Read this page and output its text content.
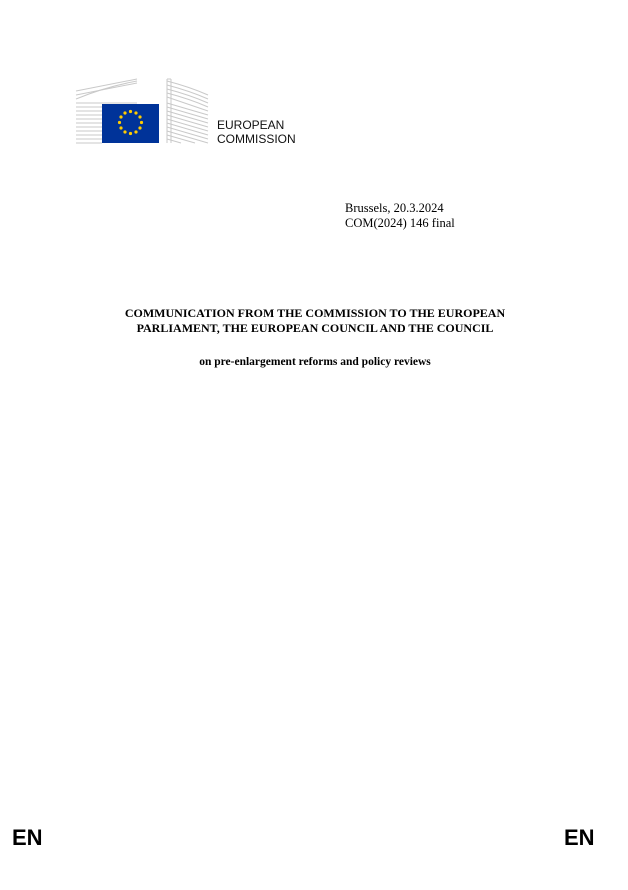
EUROPEAN
COMMISSION
Brussels, 20.3.2024
COM(2024) 146 final
COMMUNICATION FROM THE COMMISSION TO THE EUROPEAN
PARLIAMENT, THE EUROPEAN COUNCIL AND THE COUNCIL
on pre-enlargement reforms and policy reviews
EN	EN
